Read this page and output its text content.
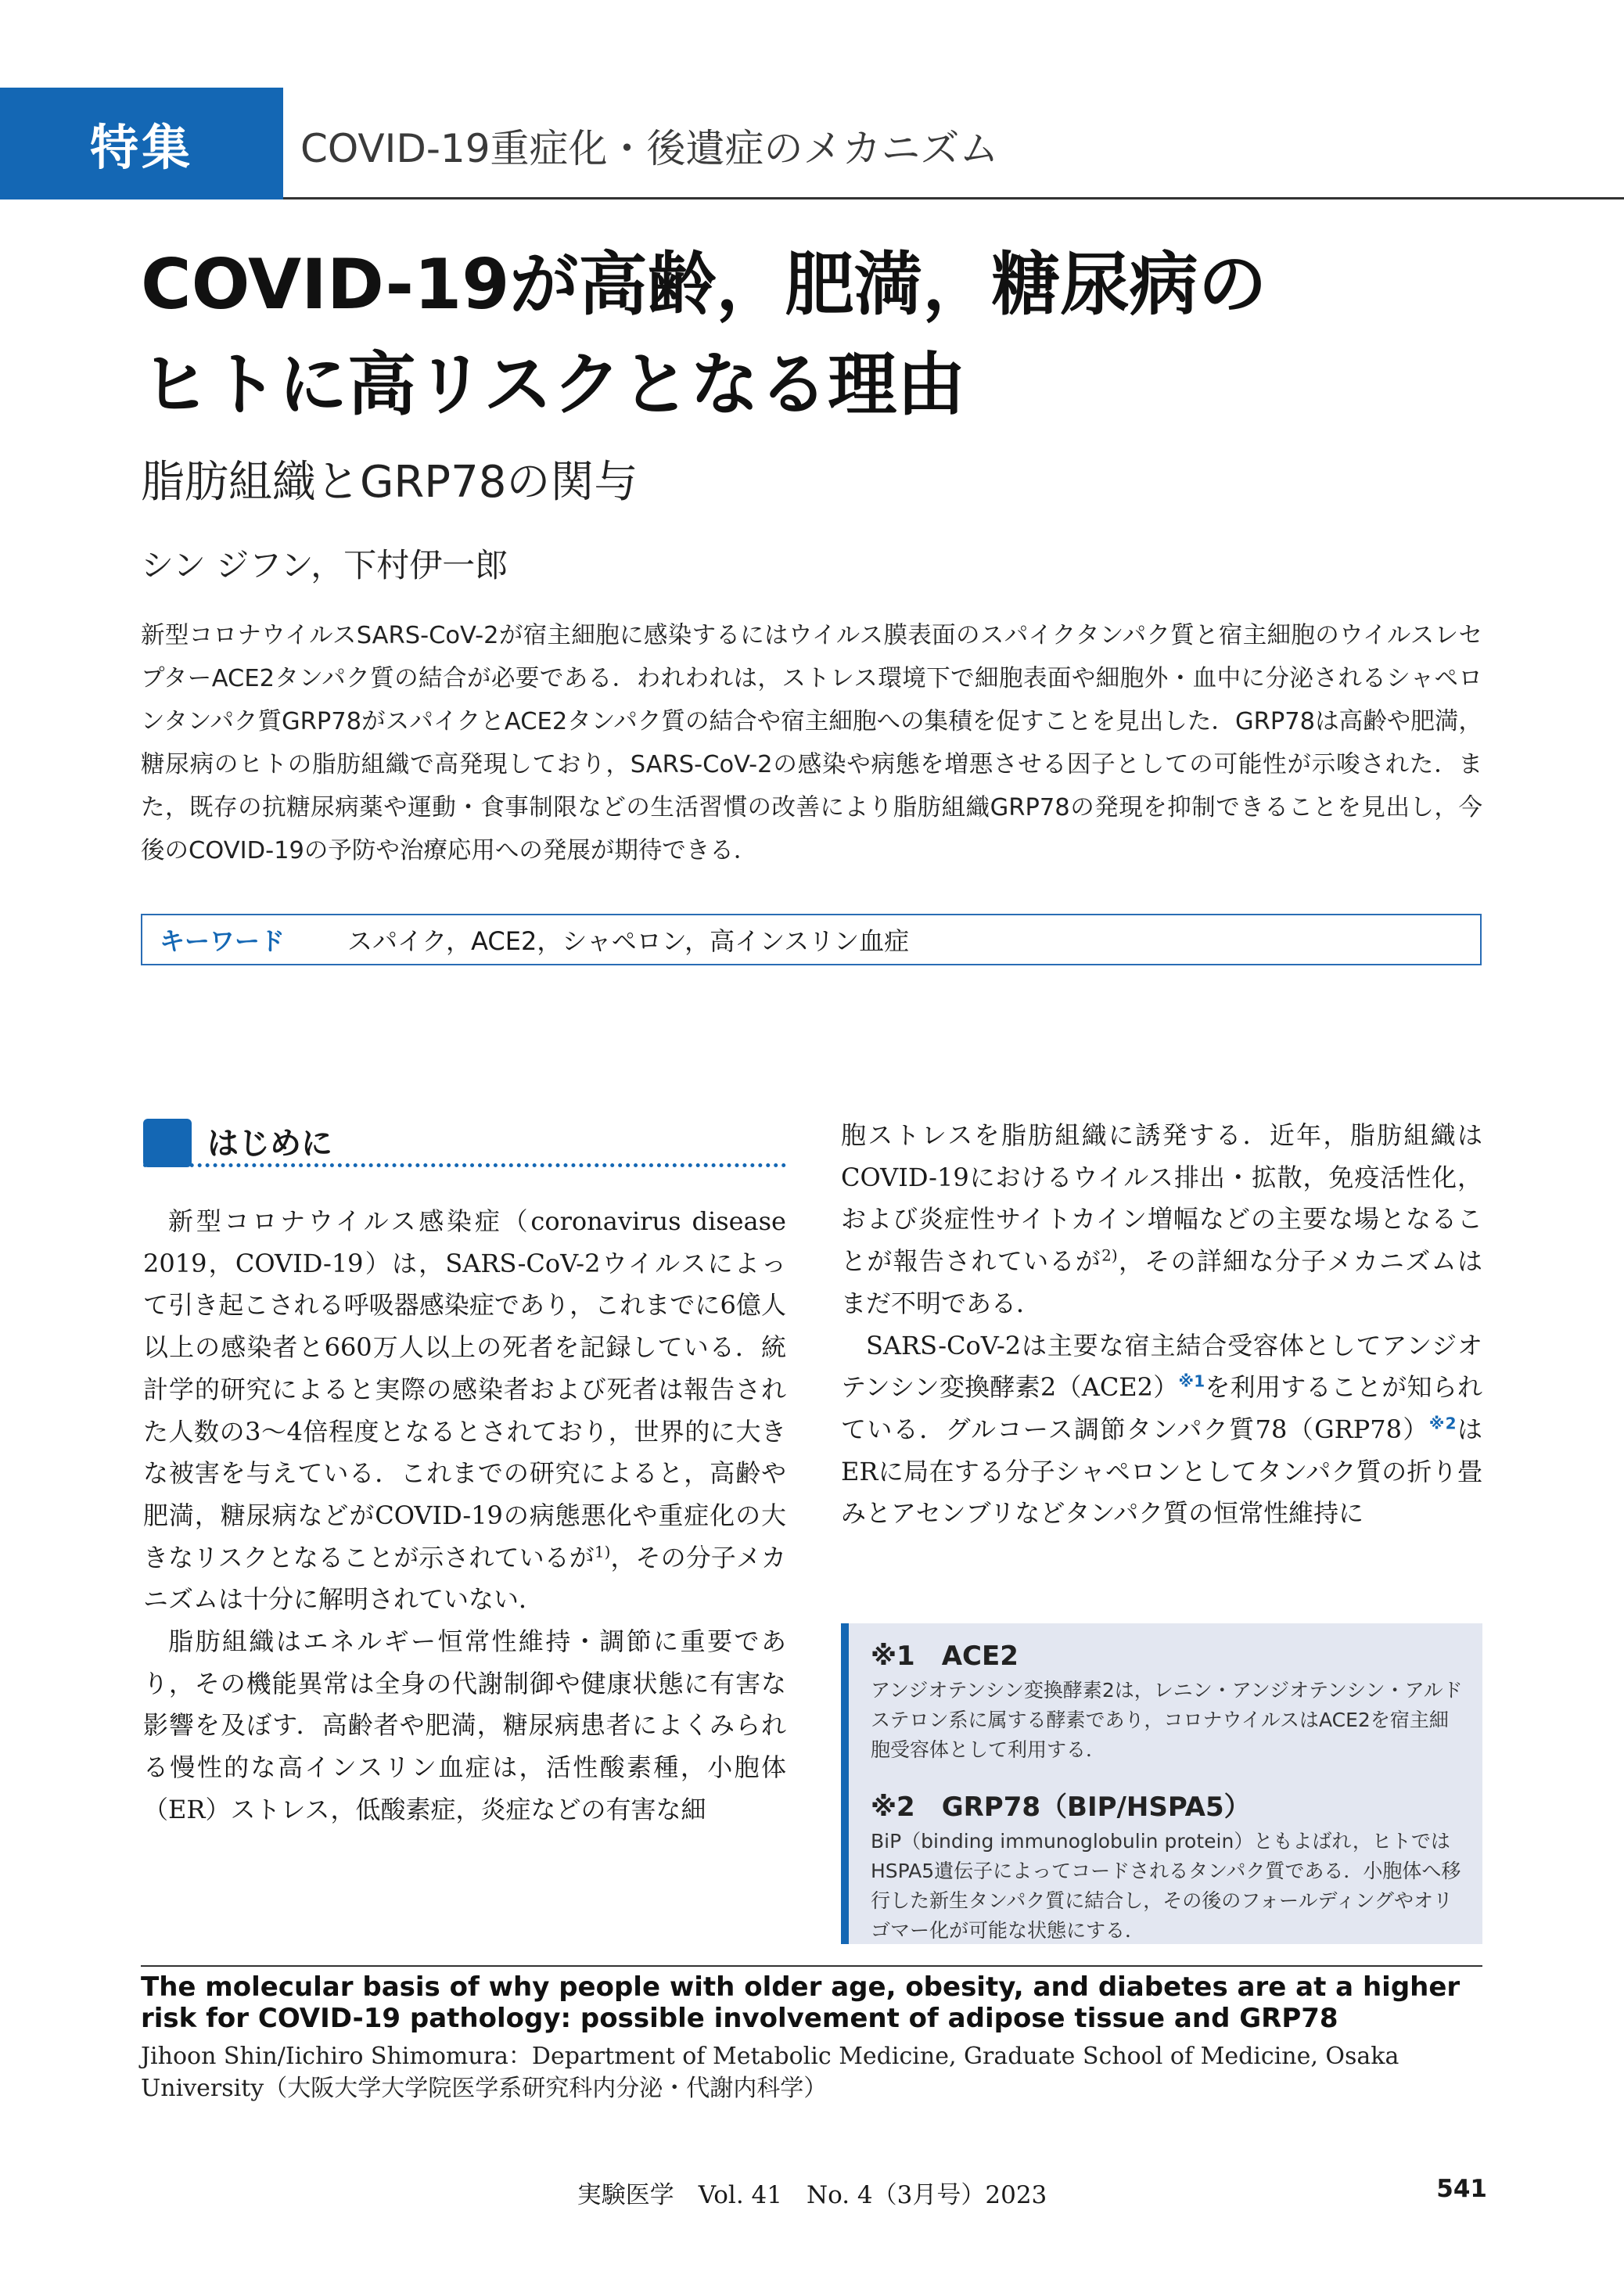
特集	COVID-19重症化・後遺症のメカニズム
COVID-19が高齢，肥満，糖尿病の
ヒトに高リスクとなる理由
脂肪組織とGRP78の関与
シン ジフン，下村伊一郎

新型コロナウイルスSARS-CoV-2が宿主細胞に感染するにはウイルス膜表面のスパイクタンパク質と宿主細胞のウイルスレセプターACE2タンパク質の結合が必要である．われわれは，ストレス環境下で細胞表面や細胞外・血中に分泌されるシャペロンタンパク質GRP78がスパイクとACE2タンパク質の結合や宿主細胞への集積を促すことを見出した．GRP78は高齢や肥満，糖尿病のヒトの脂肪組織で高発現しており，SARS-CoV-2の感染や病態を増悪させる因子としての可能性が示唆された．また，既存の抗糖尿病薬や運動・食事制限などの生活習慣の改善により脂肪組織GRP78の発現を抑制できることを見出し，今後のCOVID-19の予防や治療応用への発展が期待できる．

キーワード	スパイク，ACE2，シャペロン，高インスリン血症
はじめに

新型コロナウイルス感染症（coronavirus disease 2019，COVID-19）は，SARS-CoV-2ウイルスによって引き起こされる呼吸器感染症であり，これまでに6億人以上の感染者と660万人以上の死者を記録している．統計学的研究によると実際の感染者および死者は報告された人数の3～4倍程度となるとされており，世界的に大きな被害を与えている．これまでの研究によると，高齢や肥満，糖尿病などがCOVID-19の病態悪化や重症化の大きなリスクとなることが示されているが$^{1)}$，その分子メカニズムは十分に解明されていない．

脂肪組織はエネルギー恒常性維持・調節に重要であり，その機能異常は全身の代謝制御や健康状態に有害な影響を及ぼす．高齢者や肥満，糖尿病患者によくみられる慢性的な高インスリン血症は，活性酸素種，小胞体（ER）ストレス，低酸素症，炎症などの有害な細

胞ストレスを脂肪組織に誘発する．近年，脂肪組織はCOVID-19におけるウイルス排出・拡散，免疫活性化，および炎症性サイトカイン増幅などの主要な場となることが報告されているが$^{2)}$，その詳細な分子メカニズムはまだ不明である．

SARS-CoV-2は主要な宿主結合受容体としてアンジオテンシン変換酵素2（ACE2）$^{※1}$を利用することが知られている．グルコース調節タンパク質78（GRP78）$^{※2}$はERに局在する分子シャペロンとしてタンパク質の折り畳みとアセンブリなどタンパク質の恒常性維持に

※1　ACE2

アンジオテンシン変換酵素2は，レニン・アンジオテンシン・アルドステロン系に属する酵素であり，コロナウイルスはACE2を宿主細胞受容体として利用する．

※2　GRP78（BIP/HSPA5）

BiP（binding immunoglobulin protein）ともよばれ，ヒトではHSPA5遺伝子によってコードされるタンパク質である．小胞体へ移行した新生タンパク質に結合し，その後のフォールディングやオリゴマー化が可能な状態にする．

The molecular basis of why people with older age, obesity, and diabetes are at a higher risk for COVID-19 pathology: possible involvement of adipose tissue and GRP78

Jihoon Shin/Iichiro Shimomura：Department of Metabolic Medicine, Graduate School of Medicine, Osaka University（大阪大学大学院医学系研究科内分泌・代謝内科学）

実験医学　Vol. 41　No. 4（3月号）2023	541
